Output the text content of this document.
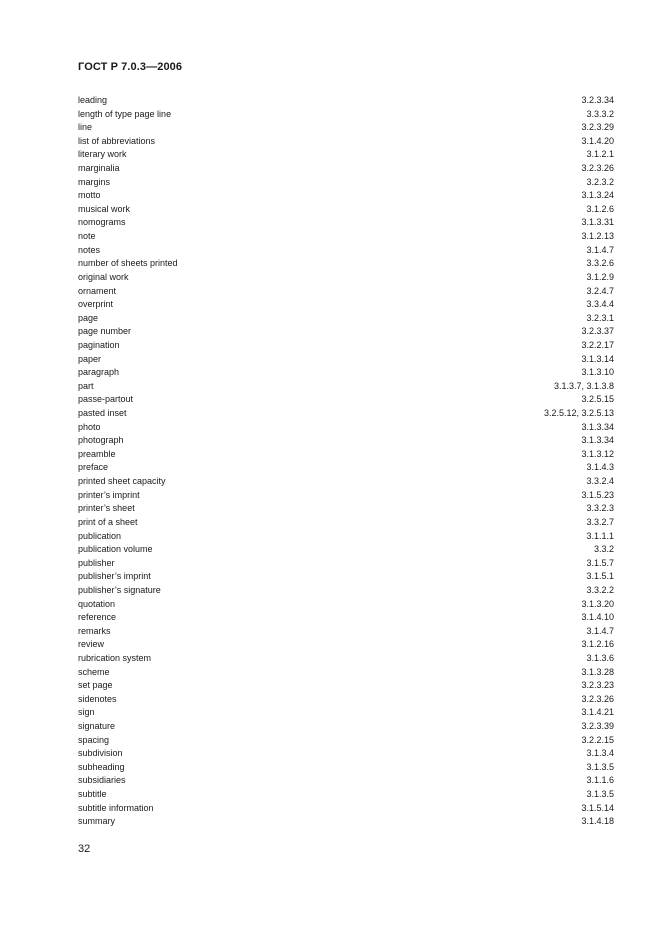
ГОСТ Р 7.0.3—2006
leading	3.2.3.34
length of type page line	3.3.3.2
line	3.2.3.29
list of abbreviations	3.1.4.20
literary work	3.1.2.1
marginalia	3.2.3.26
margins	3.2.3.2
motto	3.1.3.24
musical work	3.1.2.6
nomograms	3.1.3.31
note	3.1.2.13
notes	3.1.4.7
number of sheets printed	3.3.2.6
original work	3.1.2.9
ornament	3.2.4.7
overprint	3.3.4.4
page	3.2.3.1
page number	3.2.3.37
pagination	3.2.2.17
paper	3.1.3.14
paragraph	3.1.3.10
part	3.1.3.7, 3.1.3.8
passe-partout	3.2.5.15
pasted inset	3.2.5.12, 3.2.5.13
photo	3.1.3.34
photograph	3.1.3.34
preamble	3.1.3.12
preface	3.1.4.3
printed sheet capacity	3.3.2.4
printer’s imprint	3.1.5.23
printer’s sheet	3.3.2.3
print of a sheet	3.3.2.7
publication	3.1.1.1
publication volume	3.3.2
publisher	3.1.5.7
publisher’s imprint	3.1.5.1
publisher’s signature	3.3.2.2
quotation	3.1.3.20
reference	3.1.4.10
remarks	3.1.4.7
review	3.1.2.16
rubrication system	3.1.3.6
scheme	3.1.3.28
set page	3.2.3.23
sidenotes	3.2.3.26
sign	3.1.4.21
signature	3.2.3.39
spacing	3.2.2.15
subdivision	3.1.3.4
subheading	3.1.3.5
subsidiaries	3.1.1.6
subtitle	3.1.3.5
subtitle information	3.1.5.14
summary	3.1.4.18
32
